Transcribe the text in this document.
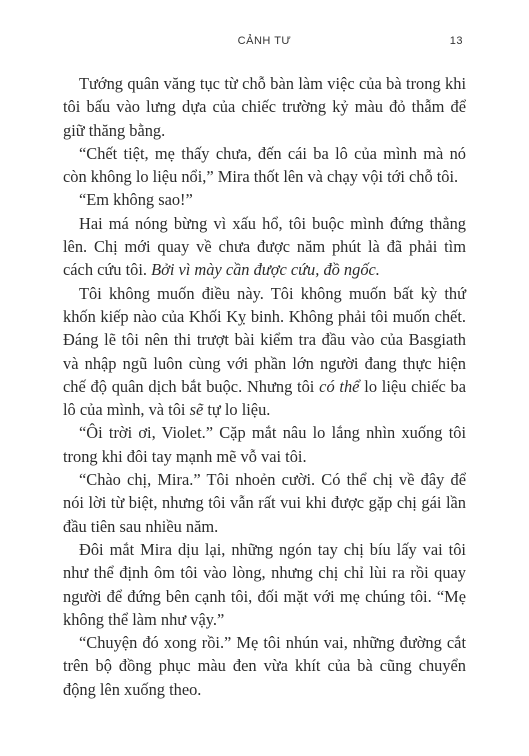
CẢNH TƯ	13

Tướng quân văng tục từ chỗ bàn làm việc của bà trong khi tôi bấu vào lưng dựa của chiếc trường kỷ màu đỏ thẫm để giữ thăng bằng.

“Chết tiệt, mẹ thấy chưa, đến cái ba lô của mình mà nó còn không lo liệu nổi,” Mira thốt lên và chạy vội tới chỗ tôi.

“Em không sao!”

Hai má nóng bừng vì xấu hổ, tôi buộc mình đứng thẳng lên. Chị mới quay về chưa được năm phút là đã phải tìm cách cứu tôi. Bởi vì mày cần được cứu, đồ ngốc.

Tôi không muốn điều này. Tôi không muốn bất kỳ thứ khốn kiếp nào của Khối Kỵ binh. Không phải tôi muốn chết. Đáng lẽ tôi nên thi trượt bài kiểm tra đầu vào của Basgiath và nhập ngũ luôn cùng với phần lớn người đang thực hiện chế độ quân dịch bắt buộc. Nhưng tôi có thể lo liệu chiếc ba lô của mình, và tôi sẽ tự lo liệu.

“Ôi trời ơi, Violet.” Cặp mắt nâu lo lắng nhìn xuống tôi trong khi đôi tay mạnh mẽ vỗ vai tôi.

“Chào chị, Mira.” Tôi nhoẻn cười. Có thể chị về đây để nói lời từ biệt, nhưng tôi vẫn rất vui khi được gặp chị gái lần đầu tiên sau nhiều năm.

Đôi mắt Mira dịu lại, những ngón tay chị bíu lấy vai tôi như thể định ôm tôi vào lòng, nhưng chị chỉ lùi ra rồi quay người để đứng bên cạnh tôi, đối mặt với mẹ chúng tôi. “Mẹ không thể làm như vậy.”

“Chuyện đó xong rồi.” Mẹ tôi nhún vai, những đường cắt trên bộ đồng phục màu đen vừa khít của bà cũng chuyển động lên xuống theo.
